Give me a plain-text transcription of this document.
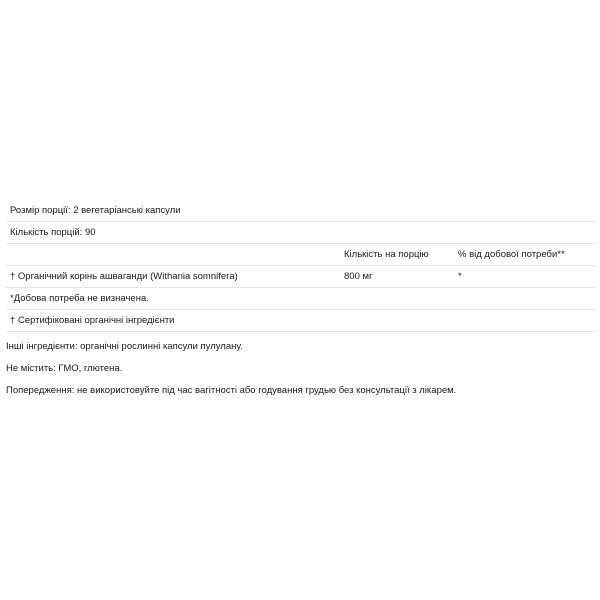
Розмір порції: 2 вегетаріанські капсули		
Кількість порцій: 90		
	Кількість на порцію	% від добової потреби**
† Органічний корінь ашваганди (Withania somnifera)	800 мг	*
*Добова потреба не визначена.		
† Сертифіковані органічні інгредієнти		
Інші інгредієнти: органічні рослинні капсули пулулану.
Не містить: ГМО, глютена.
Попередження: не використовуйте під час вагітності або годування грудью без консультації з лікарем.
